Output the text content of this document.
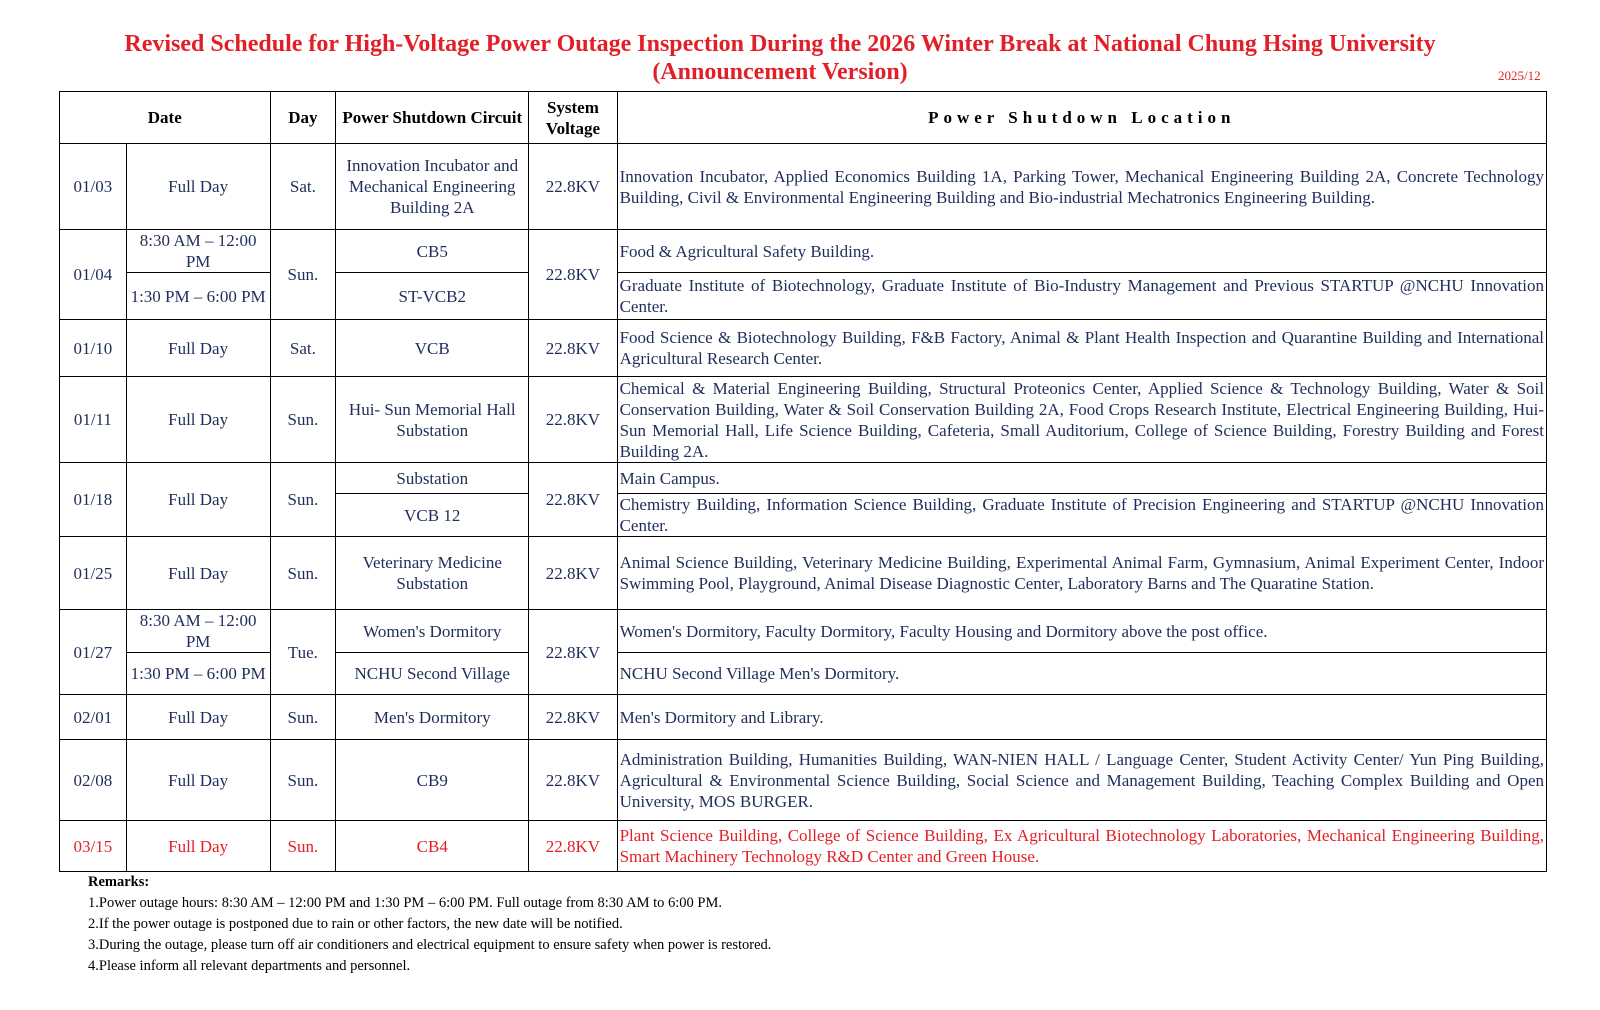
Revised Schedule for High-Voltage Power Outage Inspection During the 2026 Winter Break at National Chung Hsing University
(Announcement Version)	2025/12
Date		Day	Power Shutdown Circuit	System Voltage	Power Shutdown Location
01/03	Full Day	Sat.	Innovation Incubator and Mechanical Engineering Building 2A	22.8KV	Innovation Incubator, Applied Economics Building 1A, Parking Tower, Mechanical Engineering Building 2A, Concrete Technology Building, Civil & Environmental Engineering Building and Bio-industrial Mechatronics Engineering Building.
01/04	8:30 AM – 12:00 PM	Sun.	CB5	22.8KV	Food & Agricultural Safety Building.
	1:30 PM – 6:00 PM		ST-VCB2		Graduate Institute of Biotechnology, Graduate Institute of Bio-Industry Management and Previous STARTUP @NCHU Innovation Center.
01/10	Full Day	Sat.	VCB	22.8KV	Food Science & Biotechnology Building, F&B Factory, Animal & Plant Health Inspection and Quarantine Building and International Agricultural Research Center.
01/11	Full Day	Sun.	Hui- Sun Memorial Hall Substation	22.8KV	Chemical & Material Engineering Building, Structural Proteonics Center, Applied Science & Technology Building, Water & Soil Conservation Building, Water & Soil Conservation Building 2A, Food Crops Research Institute, Electrical Engineering Building, Hui-Sun Memorial Hall, Life Science Building, Cafeteria, Small Auditorium, College of Science Building, Forestry Building and Forest Building 2A.
01/18	Full Day	Sun.	Substation	22.8KV	Main Campus.
			VCB 12		Chemistry Building, Information Science Building, Graduate Institute of Precision Engineering and STARTUP @NCHU Innovation Center.
01/25	Full Day	Sun.	Veterinary Medicine Substation	22.8KV	Animal Science Building, Veterinary Medicine Building, Experimental Animal Farm, Gymnasium, Animal Experiment Center, Indoor Swimming Pool, Playground, Animal Disease Diagnostic Center, Laboratory Barns and The Quaratine Station.
01/27	8:30 AM – 12:00 PM	Tue.	Women's Dormitory	22.8KV	Women's Dormitory, Faculty Dormitory, Faculty Housing and Dormitory above the post office.
	1:30 PM – 6:00 PM		NCHU Second Village		NCHU Second Village Men's Dormitory.
02/01	Full Day	Sun.	Men's Dormitory	22.8KV	Men's Dormitory and Library.
02/08	Full Day	Sun.	CB9	22.8KV	Administration Building, Humanities Building, WAN-NIEN HALL / Language Center, Student Activity Center/ Yun Ping Building, Agricultural & Environmental Science Building, Social Science and Management Building, Teaching Complex Building and Open University, MOS BURGER.
03/15	Full Day	Sun.	CB4	22.8KV	Plant Science Building, College of Science Building, Ex Agricultural Biotechnology Laboratories, Mechanical Engineering Building, Smart Machinery Technology R&D Center and Green House.
Remarks:
1.Power outage hours: 8:30 AM – 12:00 PM and 1:30 PM – 6:00 PM. Full outage from 8:30 AM to 6:00 PM.
2.If the power outage is postponed due to rain or other factors, the new date will be notified.
3.During the outage, please turn off air conditioners and electrical equipment to ensure safety when power is restored.
4.Please inform all relevant departments and personnel.
